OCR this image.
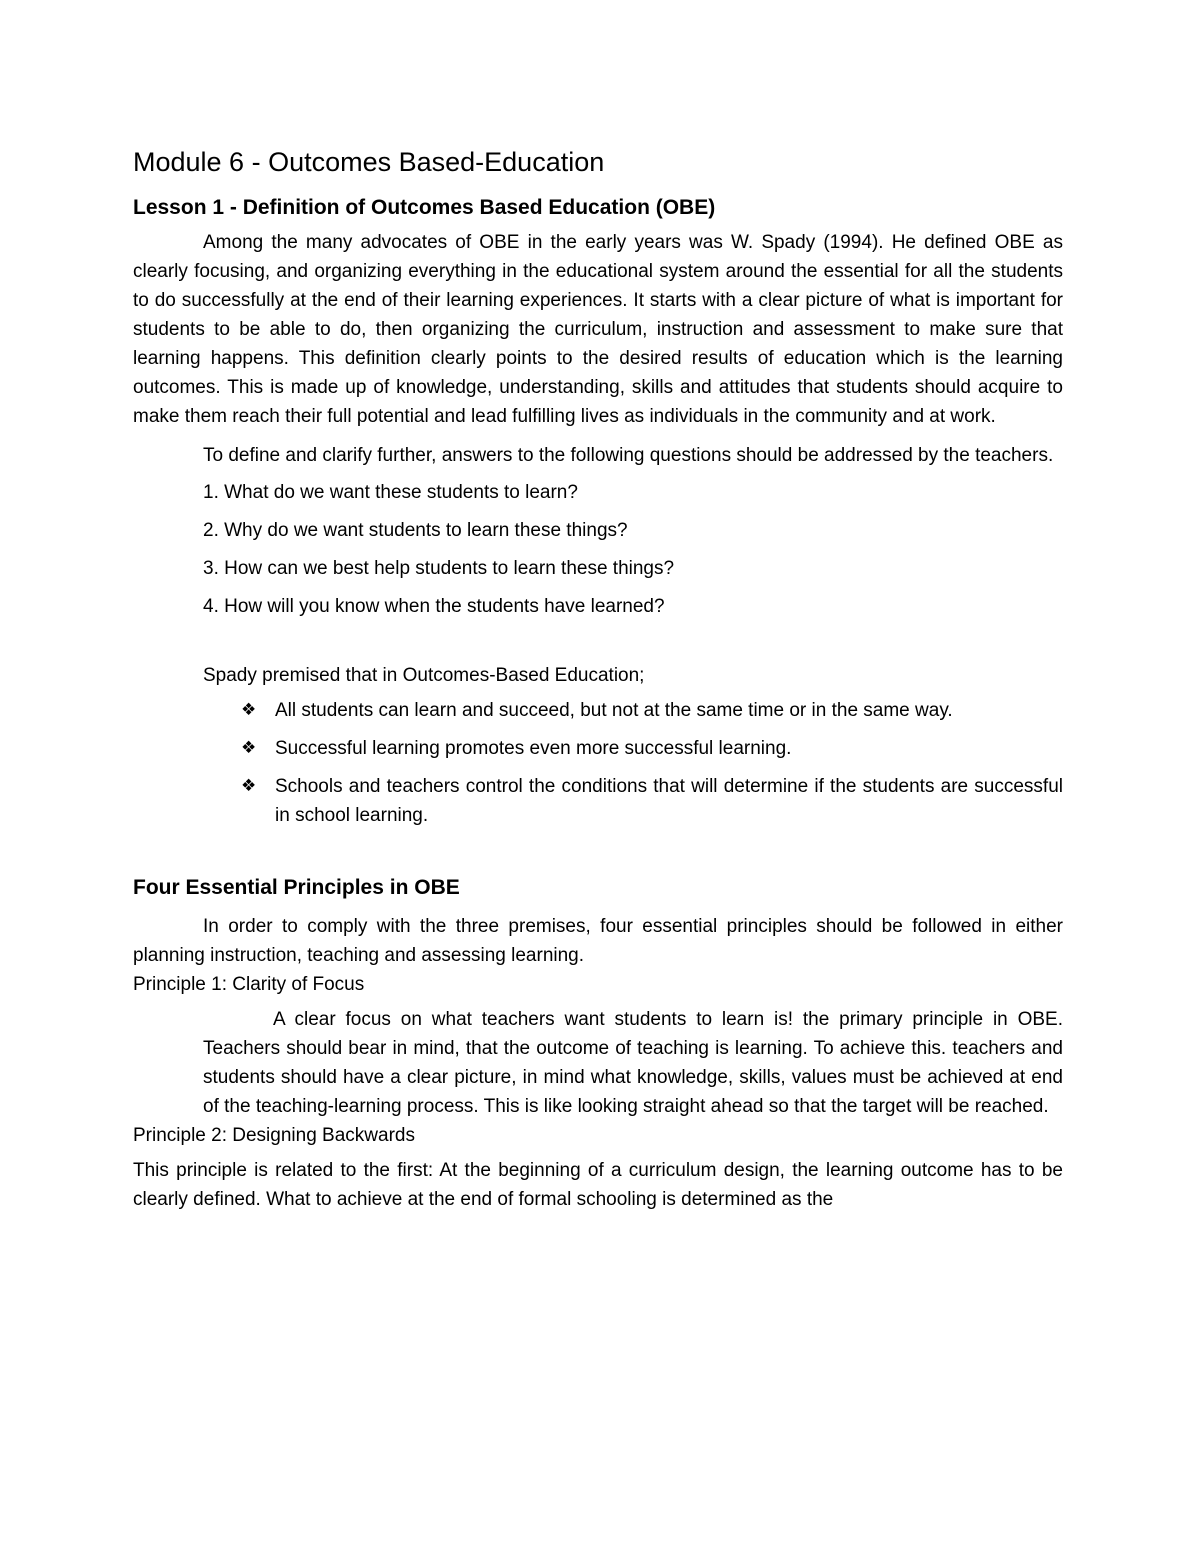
Module 6 - Outcomes Based-Education
Lesson 1 - Definition of Outcomes Based Education (OBE)

Among the many advocates of OBE in the early years was W. Spady (1994). He defined OBE as clearly focusing, and organizing everything in the educational system around the essential for all the students to do successfully at the end of their learning experiences. It starts with a clear picture of what is important for students to be able to do, then organizing the curriculum, instruction and assessment to make sure that learning happens. This definition clearly points to the desired results of education which is the learning outcomes. This is made up of knowledge, understanding, skills and attitudes that students should acquire to make them reach their full potential and lead fulfilling lives as individuals in the community and at work.

To define and clarify further, answers to the following questions should be addressed by the teachers.

1. What do we want these students to learn?
2. Why do we want students to learn these things?
3. How can we best help students to learn these things?
4. How will you know when the students have learned?

Spady premised that in Outcomes-Based Education;

❖ All students can learn and succeed, but not at the same time or in the same way.
❖ Successful learning promotes even more successful learning.
❖ Schools and teachers control the conditions that will determine if the students are successful in school learning.
Four Essential Principles in OBE

In order to comply with the three premises, four essential principles should be followed in either planning instruction, teaching and assessing learning.

Principle 1: Clarity of Focus

A clear focus on what teachers want students to learn is! the primary principle in OBE. Teachers should bear in mind, that the outcome of teaching is learning. To achieve this. teachers and students should have a clear picture, in mind what knowledge, skills, values must be achieved at end of the teaching-learning process. This is like looking straight ahead so that the target will be reached.

Principle 2: Designing Backwards

This principle is related to the first: At the beginning of a curriculum design, the learning outcome has to be clearly defined. What to achieve at the end of formal schooling is determined as the
